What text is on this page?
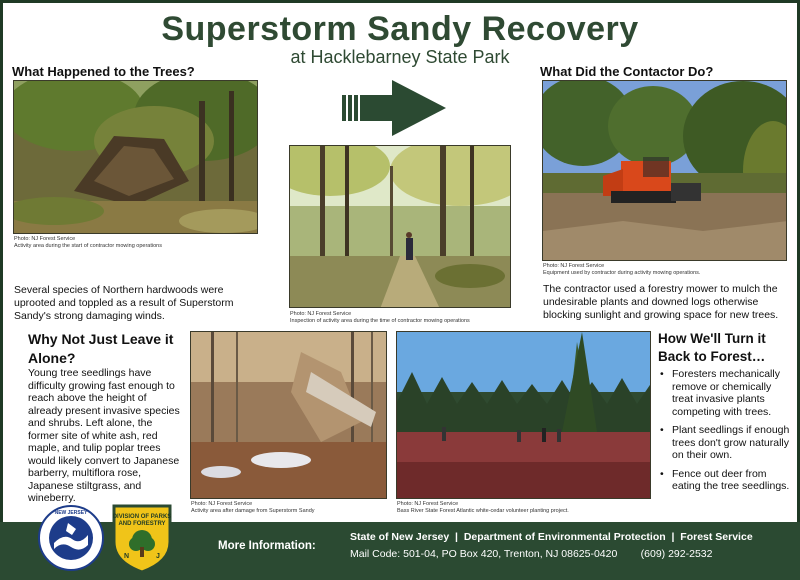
Superstorm Sandy Recovery
at Hacklebarney State Park
What Happened to the Trees?	What Did the Contactor Do?
Photo: NJ Forest Service
Activity area during the start of contractor mowing operations
Several species of Northern hardwoods were uprooted and toppled as a result of Superstorm Sandy's strong damaging winds.	Photo: NJ Forest Service
Inspection of activity area during the time of contractor mowing operations
Photo: NJ Forest Service
Equipment used by contractor during activity mowing operations.
The contractor used a forestry mower to mulch the undesirable plants and downed logs otherwise blocking sunlight and growing space for new trees.
Why Not Just Leave it Alone?
Young tree seedlings have difficulty growing fast enough to reach above the height of already present invasive species and shrubs. Left alone, the former site of white ash, red maple, and tulip poplar trees would likely convert to Japanese barberry, multiflora rose, Japanese stiltgrass, and wineberry.	Photo: NJ Forest Service
Activity area after damage from Superstorm Sandy
Photo: NJ Forest Service
Bass River State Forest Atlantic white-cedar volunteer planting project.
How We'll Turn it Back to Forest…
• Foresters mechanically remove or chemically treat invasive plants competing with trees.
• Plant seedlings if enough trees don't grow naturally on their own.
• Fence out deer from eating the tree seedlings.
NEW JERSEY
DIVISION OF PARKS
AND FORESTRY
N	J
More Information:
State of New Jersey  |  Department of Environmental Protection  |  Forest Service
Mail Code: 501-04, PO Box 420, Trenton, NJ 08625-0420        (609) 292-2532
